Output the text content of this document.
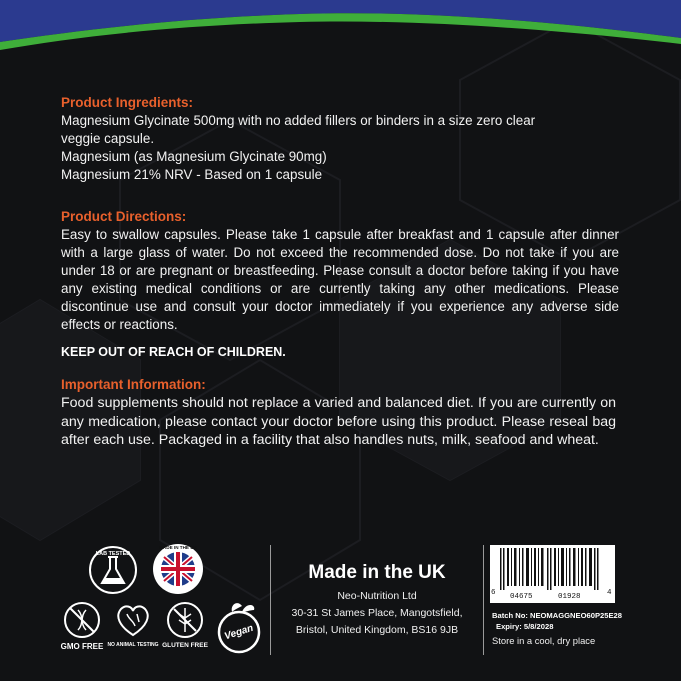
Product Ingredients:

Magnesium Glycinate 500mg with no added fillers or binders in a size zero clear

veggie capsule.

Magnesium (as Magnesium Glycinate 90mg)

Magnesium 21% NRV - Based on 1 capsule

Product Directions:

Easy to swallow capsules. Please take 1 capsule after breakfast and 1 capsule after dinner with a large glass of water. Do not exceed the recommended dose. Do not take if you are under 18 or are pregnant or breastfeeding. Please consult a doctor before taking if you have any existing medical conditions or are currently taking any other medications. Please discontinue use and consult your doctor immediately if you experience any adverse side effects or reactions.

KEEP OUT OF REACH OF CHILDREN.

Important Information:

Food supplements should not replace a varied and balanced diet. If you are currently on any medication, please contact your doctor before using this product. Please reseal bag after each use. Packaged in a facility that also handles nuts, milk, seafood and wheat.

LAB TESTED
MADE IN THE UK
GMO FREE NO ANIMAL TESTING GLUTEN FREE
Vegan
Made in the UK
Neo-Nutrition Ltd
30-31 St James Place, Mangotsfield,
Bristol, United Kingdom, BS16 9JB
6 04675	01928	4
Batch No: NEOMAGGNEO60P25E28
Expiry: 5/8/2028
Store in a cool, dry place
